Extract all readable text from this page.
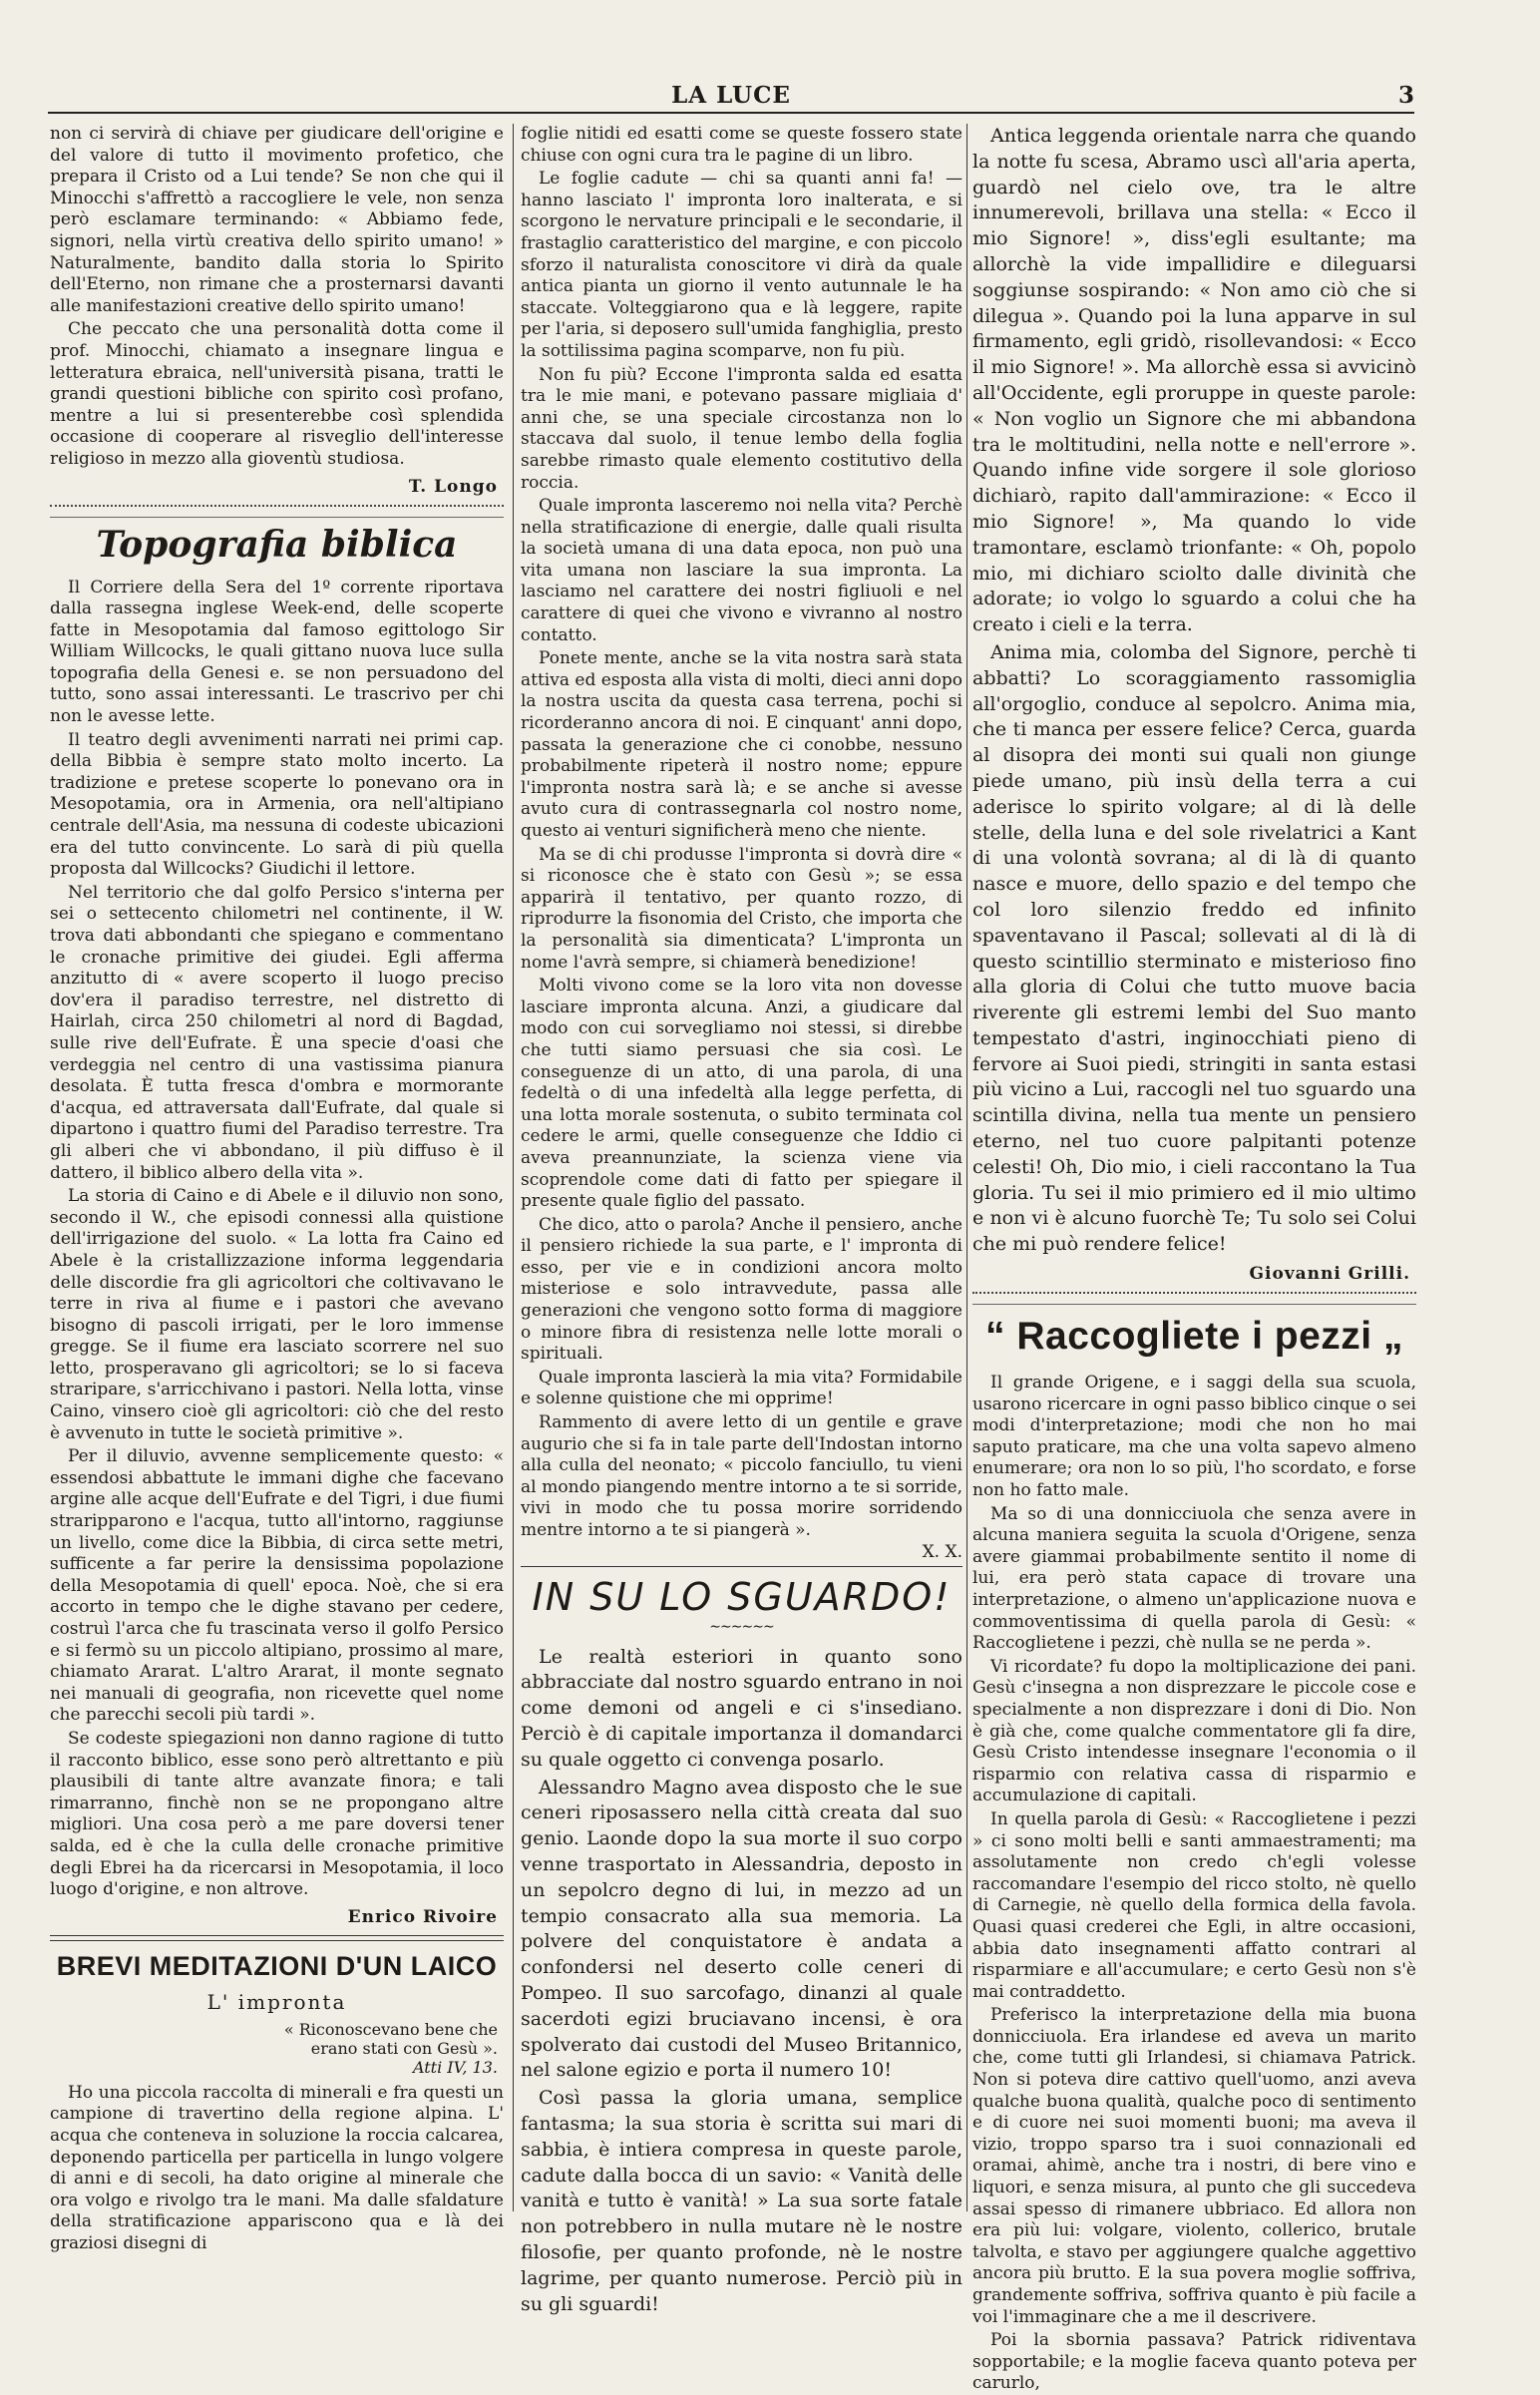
LA LUCE	3

non ci servirà di chiave per giudicare dell'origine e del valore di tutto il movimento profetico, che prepara il Cristo od a Lui tende? Se non che qui il Minocchi s'affrettò a raccogliere le vele, non senza però esclamare terminando: « Abbiamo fede, signori, nella virtù creativa dello spirito umano! » Naturalmente, bandito dalla storia lo Spirito dell'Eterno, non rimane che a prosternarsi davanti alle manifestazioni creative dello spirito umano!

Che peccato che una personalità dotta come il prof. Minocchi, chiamato a insegnare lingua e letteratura ebraica, nell'università pisana, tratti le grandi questioni bibliche con spirito così profano, mentre a lui si presenterebbe così splendida occasione di cooperare al risveglio dell'interesse religioso in mezzo alla gioventù studiosa.

T. Longo
Topografia biblica

Il Corriere della Sera del 1º corrente riportava dalla rassegna inglese Week-end, delle scoperte fatte in Mesopotamia dal famoso egittologo Sir William Willcocks, le quali gittano nuova luce sulla topografia della Genesi e. se non persuadono del tutto, sono assai interessanti. Le trascrivo per chi non le avesse lette.

Il teatro degli avvenimenti narrati nei primi cap. della Bibbia è sempre stato molto incerto. La tradizione e pretese scoperte lo ponevano ora in Mesopotamia, ora in Armenia, ora nell'altipiano centrale dell'Asia, ma nessuna di codeste ubicazioni era del tutto convincente. Lo sarà di più quella proposta dal Willcocks? Giudichi il lettore.

Nel territorio che dal golfo Persico s'interna per sei o settecento chilometri nel continente, il W. trova dati abbondanti che spiegano e commentano le cronache primitive dei giudei. Egli afferma anzitutto di « avere scoperto il luogo preciso dov'era il paradiso terrestre, nel distretto di Hairlah, circa 250 chilometri al nord di Bagdad, sulle rive dell'Eufrate. È una specie d'oasi che verdeggia nel centro di una vastissima pianura desolata. È tutta fresca d'ombra e mormorante d'acqua, ed attraversata dall'Eufrate, dal quale si dipartono i quattro fiumi del Paradiso terrestre. Tra gli alberi che vi abbondano, il più diffuso è il dattero, il biblico albero della vita ».

La storia di Caino e di Abele e il diluvio non sono, secondo il W., che episodi connessi alla quistione dell'irrigazione del suolo. « La lotta fra Caino ed Abele è la cristallizzazione informa leggendaria delle discordie fra gli agricoltori che coltivavano le terre in riva al fiume e i pastori che avevano bisogno di pascoli irrigati, per le loro immense gregge. Se il fiume era lasciato scorrere nel suo letto, prosperavano gli agricoltori; se lo si faceva straripare, s'arricchivano i pastori. Nella lotta, vinse Caino, vinsero cioè gli agricoltori: ciò che del resto è avvenuto in tutte le società primitive ».

Per il diluvio, avvenne semplicemente questo: « essendosi abbattute le immani dighe che facevano argine alle acque dell'Eufrate e del Tigri, i due fiumi straripparono e l'acqua, tutto all'intorno, raggiunse un livello, come dice la Bibbia, di circa sette metri, sufficente a far perire la densissima popolazione della Mesopotamia di quell' epoca. Noè, che si era accorto in tempo che le dighe stavano per cedere, costruì l'arca che fu trascinata verso il golfo Persico e si fermò su un piccolo altipiano, prossimo al mare, chiamato Ararat. L'altro Ararat, il monte segnato nei manuali di geografia, non ricevette quel nome che parecchi secoli più tardi ».

Se codeste spiegazioni non danno ragione di tutto il racconto biblico, esse sono però altrettanto e più plausibili di tante altre avanzate finora; e tali rimarranno, finchè non se ne propongano altre migliori. Una cosa però a me pare doversi tener salda, ed è che la culla delle cronache primitive degli Ebrei ha da ricercarsi in Mesopotamia, il loco luogo d'origine, e non altrove.

Enrico Rivoire
BREVI MEDITAZIONI D'UN LAICO
L' impronta
« Riconoscevano bene che
erano stati con Gesù ».
Atti IV, 13.

Ho una piccola raccolta di minerali e fra questi un campione di travertino della regione alpina. L' acqua che conteneva in soluzione la roccia calcarea, deponendo particella per particella in lungo volgere di anni e di secoli, ha dato origine al minerale che ora volgo e rivolgo tra le mani. Ma dalle sfaldature della stratificazione appariscono qua e là dei graziosi disegni di

foglie nitidi ed esatti come se queste fossero state chiuse con ogni cura tra le pagine di un libro.

Le foglie cadute — chi sa quanti anni fa! — hanno lasciato l' impronta loro inalterata, e si scorgono le nervature principali e le secondarie, il frastaglio caratteristico del margine, e con piccolo sforzo il naturalista conoscitore vi dirà da quale antica pianta un giorno il vento autunnale le ha staccate. Volteggiarono qua e là leggere, rapite per l'aria, si deposero sull'umida fanghiglia, presto la sottilissima pagina scomparve, non fu più.

Non fu più? Eccone l'impronta salda ed esatta tra le mie mani, e potevano passare migliaia d' anni che, se una speciale circostanza non lo staccava dal suolo, il tenue lembo della foglia sarebbe rimasto quale elemento costitutivo della roccia.

Quale impronta lasceremo noi nella vita? Perchè nella stratificazione di energie, dalle quali risulta la società umana di una data epoca, non può una vita umana non lasciare la sua impronta. La lasciamo nel carattere dei nostri figliuoli e nel carattere di quei che vivono e vivranno al nostro contatto.

Ponete mente, anche se la vita nostra sarà stata attiva ed esposta alla vista di molti, dieci anni dopo la nostra uscita da questa casa terrena, pochi si ricorderanno ancora di noi. E cinquant' anni dopo, passata la generazione che ci conobbe, nessuno probabilmente ripeterà il nostro nome; eppure l'impronta nostra sarà là; e se anche si avesse avuto cura di contrassegnarla col nostro nome, questo ai venturi significherà meno che niente.

Ma se di chi produsse l'impronta si dovrà dire « si riconosce che è stato con Gesù »; se essa apparirà il tentativo, per quanto rozzo, di riprodurre la fisonomia del Cristo, che importa che la personalità sia dimenticata? L'impronta un nome l'avrà sempre, si chiamerà benedizione!

Molti vivono come se la loro vita non dovesse lasciare impronta alcuna. Anzi, a giudicare dal modo con cui sorvegliamo noi stessi, si direbbe che tutti siamo persuasi che sia così. Le conseguenze di un atto, di una parola, di una fedeltà o di una infedeltà alla legge perfetta, di una lotta morale sostenuta, o subito terminata col cedere le armi, quelle conseguenze che Iddio ci aveva preannunziate, la scienza viene via scoprendole come dati di fatto per spiegare il presente quale figlio del passato.

Che dico, atto o parola? Anche il pensiero, anche il pensiero richiede la sua parte, e l' impronta di esso, per vie e in condizioni ancora molto misteriose e solo intravvedute, passa alle generazioni che vengono sotto forma di maggiore o minore fibra di resistenza nelle lotte morali o spirituali.

Quale impronta lascierà la mia vita? Formidabile e solenne quistione che mi opprime!

Rammento di avere letto di un gentile e grave augurio che si fa in tale parte dell'Indostan intorno alla culla del neonato; « piccolo fanciullo, tu vieni al mondo piangendo mentre intorno a te si sorride, vivi in modo che tu possa morire sorridendo mentre intorno a te si piangerà ».

X. X.
IN SU LO SGUARDO!
∼∼∼∼∼∼

Le realtà esteriori in quanto sono abbracciate dal nostro sguardo entrano in noi come demoni od angeli e ci s'insediano. Perciò è di capitale importanza il domandarci su quale oggetto ci convenga posarlo.

Alessandro Magno avea disposto che le sue ceneri riposassero nella città creata dal suo genio. Laonde dopo la sua morte il suo corpo venne trasportato in Alessandria, deposto in un sepolcro degno di lui, in mezzo ad un tempio consacrato alla sua memoria. La polvere del conquistatore è andata a confondersi nel deserto colle ceneri di Pompeo. Il suo sarcofago, dinanzi al quale sacerdoti egizi bruciavano incensi, è ora spolverato dai custodi del Museo Britannico, nel salone egizio e porta il numero 10!

Così passa la gloria umana, semplice fantasma; la sua storia è scritta sui mari di sabbia, è intiera compresa in queste parole, cadute dalla bocca di un savio: « Vanità delle vanità e tutto è vanità! » La sua sorte fatale non potrebbero in nulla mutare nè le nostre filosofie, per quanto profonde, nè le nostre lagrime, per quanto numerose. Perciò più in su gli sguardi!

Antica leggenda orientale narra che quando la notte fu scesa, Abramo uscì all'aria aperta, guardò nel cielo ove, tra le altre innumerevoli, brillava una stella: « Ecco il mio Signore! », diss'egli esultante; ma allorchè la vide impallidire e dileguarsi soggiunse sospirando: « Non amo ciò che si dilegua ». Quando poi la luna apparve in sul firmamento, egli gridò, risollevandosi: « Ecco il mio Signore! ». Ma allorchè essa si avvicinò all'Occidente, egli proruppe in queste parole: « Non voglio un Signore che mi abbandona tra le moltitudini, nella notte e nell'errore ». Quando infine vide sorgere il sole glorioso dichiarò, rapito dall'ammirazione: « Ecco il mio Signore! », Ma quando lo vide tramontare, esclamò trionfante: « Oh, popolo mio, mi dichiaro sciolto dalle divinità che adorate; io volgo lo sguardo a colui che ha creato i cieli e la terra.

Anima mia, colomba del Signore, perchè ti abbatti? Lo scoraggiamento rassomiglia all'orgoglio, conduce al sepolcro. Anima mia, che ti manca per essere felice? Cerca, guarda al disopra dei monti sui quali non giunge piede umano, più insù della terra a cui aderisce lo spirito volgare; al di là delle stelle, della luna e del sole rivelatrici a Kant di una volontà sovrana; al di là di quanto nasce e muore, dello spazio e del tempo che col loro silenzio freddo ed infinito spaventavano il Pascal; sollevati al di là di questo scintillio sterminato e misterioso fino alla gloria di Colui che tutto muove bacia riverente gli estremi lembi del Suo manto tempestato d'astri, inginocchiati pieno di fervore ai Suoi piedi, stringiti in santa estasi più vicino a Lui, raccogli nel tuo sguardo una scintilla divina, nella tua mente un pensiero eterno, nel tuo cuore palpitanti potenze celesti! Oh, Dio mio, i cieli raccontano la Tua gloria. Tu sei il mio primiero ed il mio ultimo e non vi è alcuno fuorchè Te; Tu solo sei Colui che mi può rendere felice!

Giovanni Grilli.
“ Raccogliete i pezzi „

Il grande Origene, e i saggi della sua scuola, usarono ricercare in ogni passo biblico cinque o sei modi d'interpretazione; modi che non ho mai saputo praticare, ma che una volta sapevo almeno enumerare; ora non lo so più, l'ho scordato, e forse non ho fatto male.

Ma so di una donnicciuola che senza avere in alcuna maniera seguita la scuola d'Origene, senza avere giammai probabilmente sentito il nome di lui, era però stata capace di trovare una interpretazione, o almeno un'applicazione nuova e commoventissima di quella parola di Gesù: « Raccoglietene i pezzi, chè nulla se ne perda ».

Vi ricordate? fu dopo la moltiplicazione dei pani. Gesù c'insegna a non disprezzare le piccole cose e specialmente a non disprezzare i doni di Dio. Non è già che, come qualche commentatore gli fa dire, Gesù Cristo intendesse insegnare l'economia o il risparmio con relativa cassa di risparmio e accumulazione di capitali.

In quella parola di Gesù: « Raccoglietene i pezzi » ci sono molti belli e santi ammaestramenti; ma assolutamente non credo ch'egli volesse raccomandare l'esempio del ricco stolto, nè quello di Carnegie, nè quello della formica della favola. Quasi quasi crederei che Egli, in altre occasioni, abbia dato insegnamenti affatto contrari al risparmiare e all'accumulare; e certo Gesù non s'è mai contraddetto.

Preferisco la interpretazione della mia buona donnicciuola. Era irlandese ed aveva un marito che, come tutti gli Irlandesi, si chiamava Patrick. Non si poteva dire cattivo quell'uomo, anzi aveva qualche buona qualità, qualche poco di sentimento e di cuore nei suoi momenti buoni; ma aveva il vizio, troppo sparso tra i suoi connazionali ed oramai, ahimè, anche tra i nostri, di bere vino e liquori, e senza misura, al punto che gli succedeva assai spesso di rimanere ubbriaco. Ed allora non era più lui: volgare, violento, collerico, brutale talvolta, e stavo per aggiungere qualche aggettivo ancora più brutto. E la sua povera moglie soffriva, grandemente soffriva, soffriva quanto è più facile a voi l'immaginare che a me il descrivere.

Poi la sbornia passava? Patrick ridiventava sopportabile; e la moglie faceva quanto poteva per carurlo,
